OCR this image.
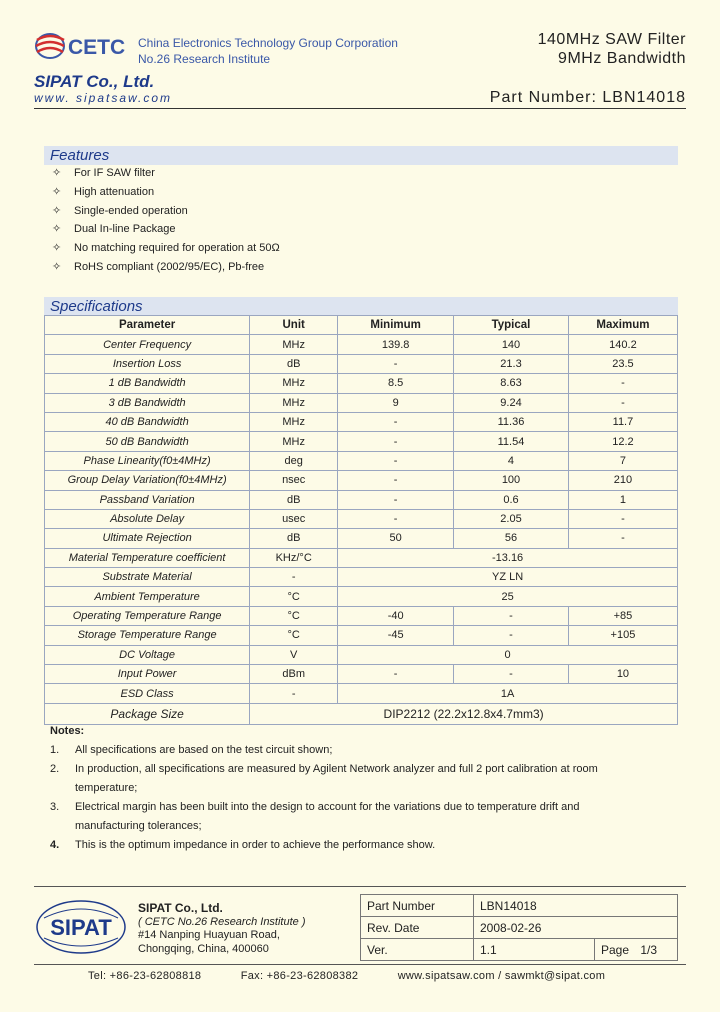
CETC China Electronics Technology Group Corporation
No.26 Research Institute
140MHz SAW Filter
9MHz Bandwidth
SIPAT Co., Ltd.
www. sipatsaw.com	Part Number: LBN14018
Features
✧ For IF SAW filter
✧ High attenuation
✧ Single-ended operation
✧ Dual In-line Package
✧ No matching required for operation at 50Ω
✧ RoHS compliant (2002/95/EC), Pb-free
Specifications
Parameter	Unit	Minimum	Typical	Maximum
Center Frequency	MHz	139.8	140	140.2
Insertion Loss	dB	-	21.3	23.5
1 dB Bandwidth	MHz	8.5	8.63	-
3 dB Bandwidth	MHz	9	9.24	-
40 dB Bandwidth	MHz	-	11.36	11.7
50 dB Bandwidth	MHz	-	11.54	12.2
Phase Linearity(f0±4MHz)	deg	-	4	7
Group Delay Variation(f0±4MHz)	nsec	-	100	210
Passband Variation	dB	-	0.6	1
Absolute Delay	usec	-	2.05	-
Ultimate Rejection	dB	50	56	-
Material Temperature coefficient	KHz/°C	-13.16		
Substrate Material	-	YZ LN		
Ambient Temperature	°C	25		
Operating Temperature Range	°C	-40	-	+85
Storage Temperature Range	°C	-45	-	+105
DC Voltage	V	0		
Input Power	dBm	-	-	10
ESD Class	-	1A		
Package Size	DIP2212 (22.2x12.8x4.7mm3)			
Notes:
1. All specifications are based on the test circuit shown;
2. In production, all specifications are measured by Agilent Network analyzer and full 2 port calibration at room
temperature;
3. Electrical margin has been built into the design to account for the variations due to temperature drift and
manufacturing tolerances;
4. This is the optimum impedance in order to achieve the performance show.
SIPAT
SIPAT Co., Ltd.
( CETC No.26 Research Institute )
#14 Nanping Huayuan Road,
Chongqing, China, 400060
Part Number	LBN14018	
Rev. Date	2008-02-26	
Ver.	1.1	Page 1/3
Tel: +86-23-62808818	Fax: +86-23-62808382	www.sipatsaw.com / sawmkt@sipat.com
